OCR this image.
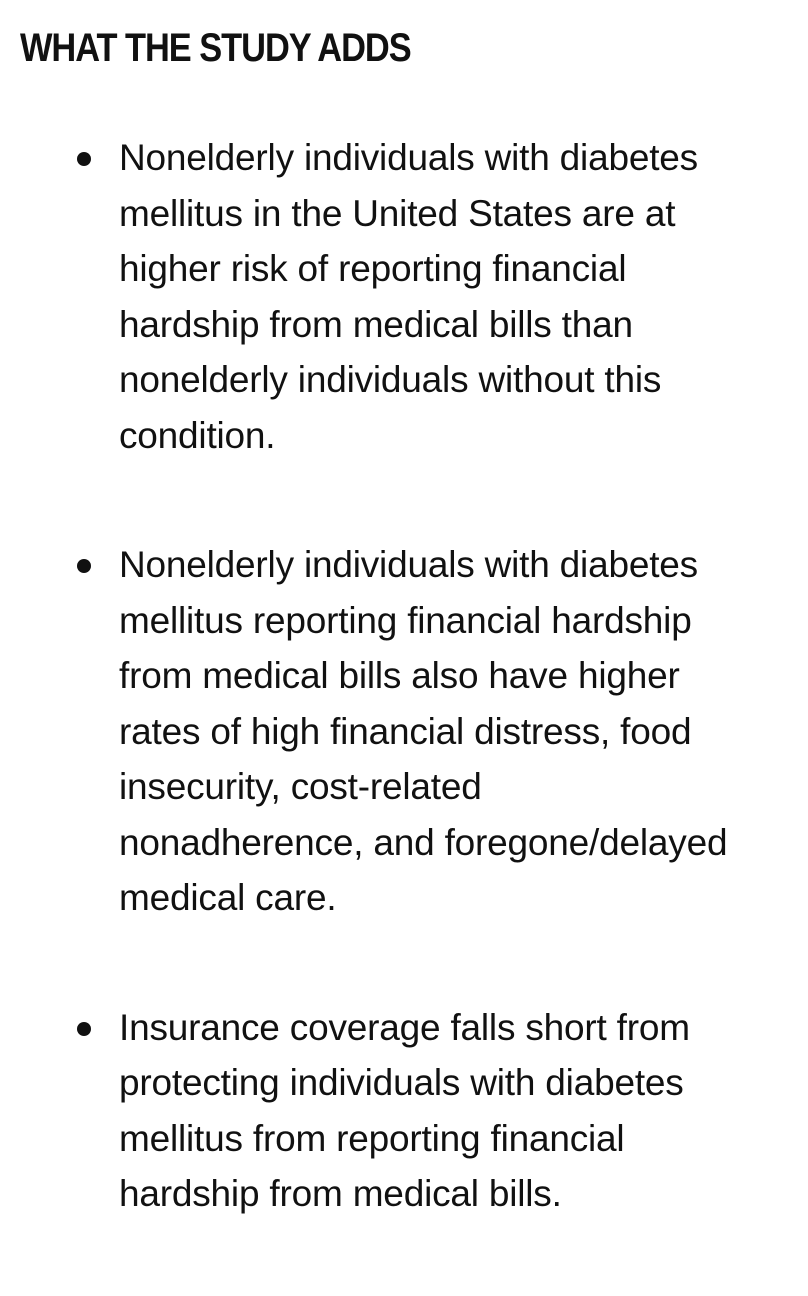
WHAT THE STUDY ADDS
Nonelderly individuals with diabetes
mellitus in the United States are at
higher risk of reporting financial
hardship from medical bills than
nonelderly individuals without this
condition.
Nonelderly individuals with diabetes
mellitus reporting financial hardship
from medical bills also have higher
rates of high financial distress, food
insecurity, cost-related
nonadherence, and foregone/delayed
medical care.
Insurance coverage falls short from
protecting individuals with diabetes
mellitus from reporting financial
hardship from medical bills.
